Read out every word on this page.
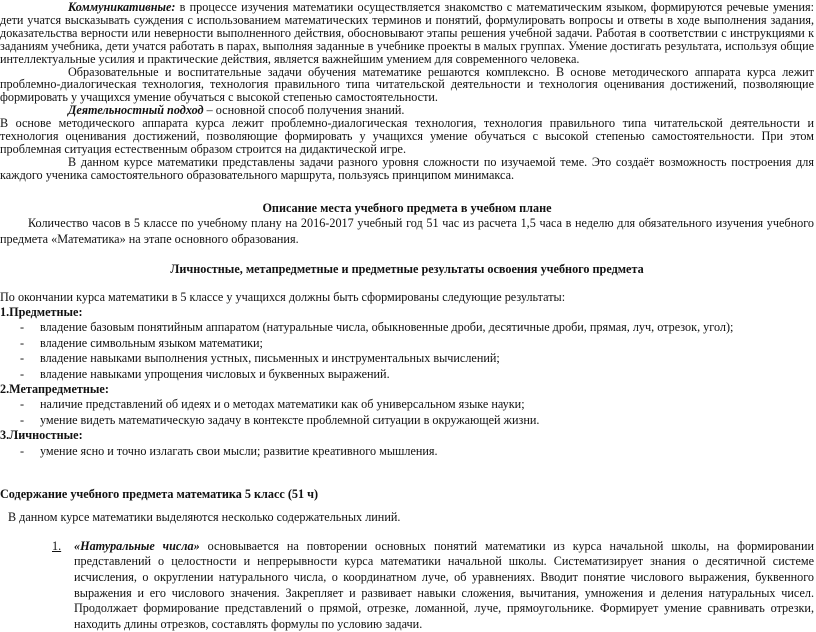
Коммуникативные: в процессе изучения математики осуществляется знакомство с математическим языком, формируются речевые умения: дети учатся высказывать суждения с использованием математических терминов и понятий, формулировать вопросы и ответы в ходе выполнения задания, доказательства верности или неверности выполненного действия, обосновывают этапы решения учебной задачи. Работая в соответствии с инструкциями к заданиям учебника, дети учатся работать в парах, выполняя заданные в учебнике проекты в малых группах. Умение достигать результата, используя общие интеллектуальные усилия и практические действия, является важнейшим умением для современного человека.

Образовательные и воспитательные задачи обучения математике решаются комплексно. В основе методического аппарата курса лежит проблемно-диалогическая технология, технология правильного типа читательской деятельности и технология оценивания достижений, позволяющие формировать у учащихся умение обучаться с высокой степенью самостоятельности.

Деятельностный подход – основной способ получения знаний.

В основе методического аппарата курса лежит проблемно-диалогическая технология, технология правильного типа читательской деятельности и технология оценивания достижений, позволяющие формировать у учащихся умение обучаться с высокой степенью самостоятельности. При этом проблемная ситуация естественным образом строится на дидактической игре.

В данном курсе математики представлены задачи разного уровня сложности по изучаемой теме. Это создаёт возможность построения для каждого ученика самостоятельного образовательного маршрута, пользуясь принципом минимакса.

Описание места учебного предмета в учебном плане

Количество часов в 5 классе по учебному плану на 2016-2017 учебный год 51 час из расчета 1,5 часа в неделю для обязательного изучения учебного предмета «Математика» на этапе основного образования.

Личностные, метапредметные и предметные результаты освоения учебного предмета

По окончании курса математики в 5 классе у учащихся должны быть сформированы следующие результаты:

1.Предметные:
- владение базовым понятийным аппаратом (натуральные числа, обыкновенные дроби, десятичные дроби, прямая, луч, отрезок, угол);
- владение символьным языком математики;
- владение навыками выполнения устных, письменных и инструментальных вычислений;
- владение навыками упрощения числовых и буквенных выражений.
2.Метапредметные:
- наличие представлений об идеях и о методах математики как об универсальном языке науки;
- умение видеть математическую задачу в контексте проблемной ситуации в окружающей жизни.
3.Личностные:
- умение ясно и точно излагать свои мысли; развитие креативного мышления.

Содержание учебного предмета математика 5 класс (51 ч)

В данном курсе математики выделяются несколько содержательных линий.

1. «Натуральные числа» основывается на повторении основных понятий математики из курса начальной школы, на формировании представлений о целостности и непрерывности курса математики начальной школы. Систематизирует знания о десятичной системе исчисления, о округлении натурального числа, о координатном луче, об уравнениях. Вводит понятие числового выражения, буквенного выражения и его числового значения. Закрепляет и развивает навыки сложения, вычитания, умножения и деления натуральных чисел. Продолжает формирование представлений о прямой, отрезке, ломанной, луче, прямоугольнике. Формирует умение сравнивать отрезки, находить длины отрезков, составлять формулы по условию задачи.
